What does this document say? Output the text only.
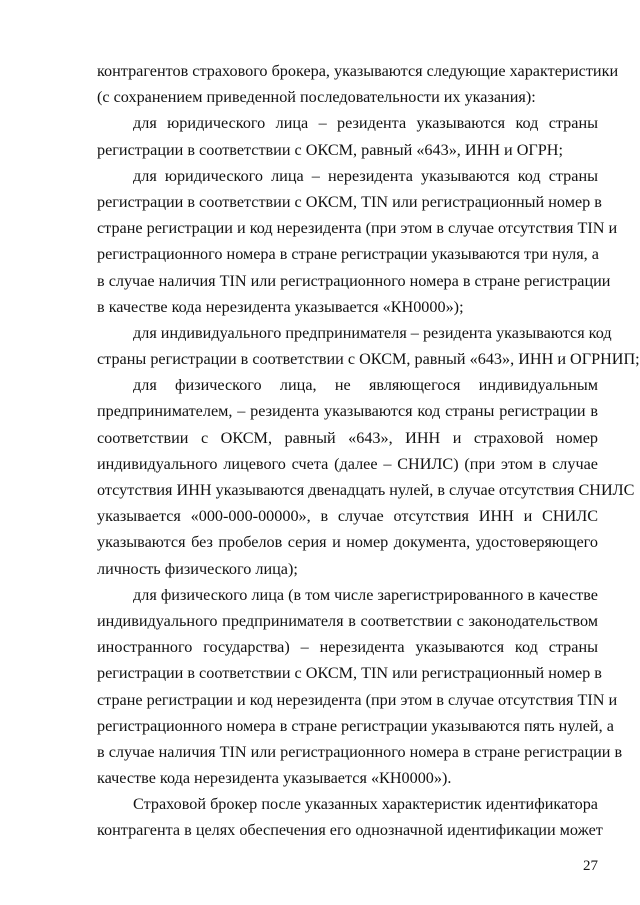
контрагентов страхового брокера, указываются следующие характеристики
(с сохранением приведенной последовательности их указания):
для юридического лица – резидента указываются код страны
регистрации в соответствии с ОКСМ, равный «643», ИНН и ОГРН;
для юридического лица – нерезидента указываются код страны
регистрации в соответствии с ОКСМ, TIN или регистрационный номер в
стране регистрации и код нерезидента (при этом в случае отсутствия TIN и
регистрационного номера в стране регистрации указываются три нуля, а
в случае наличия TIN или регистрационного номера в стране регистрации
в качестве кода нерезидента указывается «КН0000»);
для индивидуального предпринимателя – резидента указываются код
страны регистрации в соответствии с ОКСМ, равный «643», ИНН и ОГРНИП;
для физического лица, не являющегося индивидуальным
предпринимателем, – резидента указываются код страны регистрации в
соответствии с ОКСМ, равный «643», ИНН и страховой номер
индивидуального лицевого счета (далее – СНИЛС) (при этом в случае
отсутствия ИНН указываются двенадцать нулей, в случае отсутствия СНИЛС
указывается «000-000-00000», в случае отсутствия ИНН и СНИЛС
указываются без пробелов серия и номер документа, удостоверяющего
личность физического лица);
для физического лица (в том числе зарегистрированного в качестве
индивидуального предпринимателя в соответствии с законодательством
иностранного государства) – нерезидента указываются код страны
регистрации в соответствии с ОКСМ, TIN или регистрационный номер в
стране регистрации и код нерезидента (при этом в случае отсутствия TIN и
регистрационного номера в стране регистрации указываются пять нулей, а
в случае наличия TIN или регистрационного номера в стране регистрации в
качестве кода нерезидента указывается «КН0000»).
Страховой брокер после указанных характеристик идентификатора
контрагента в целях обеспечения его однозначной идентификации может
27
